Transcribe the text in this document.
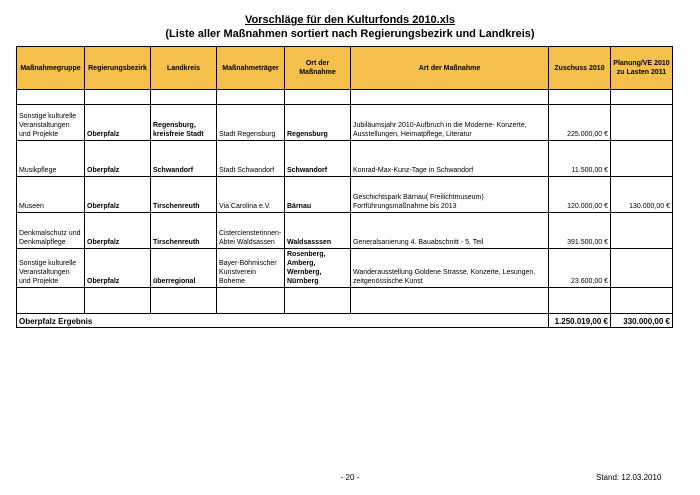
Vorschläge für den Kulturfonds 2010.xls
(Liste aller Maßnahmen sortiert nach Regierungsbezirk und Landkreis)
Maßnahmegruppe	Regierungsbezirk	Landkreis	Maßnahmeträger	Ort der Maßnahme	Art der Maßnahme	Zuschuss 2010	Planung/VE 2010 zu Lasten 2011

Sonstige kulturelle Veranstaltungen und Projekte	Oberpfalz	Regensburg, kreisfreie Stadt	Stadt Regensburg	Regensburg	Jubiläumsjahr 2010-Aufbruch in die Moderne- Konzerte, Ausstellungen, Heimatpflege, Literatur	225.000,00 €	
Musikpflege	Oberpfalz	Schwandorf	Stadt Schwandorf	Schwandorf	Konrad-Max-Kunz-Tage in Schwandorf	11.500,00 €	
Museen	Oberpfalz	Tirschenreuth	Via Carolina e.V.	Bärnau	Geschichtspark Bärnau( Freilichtmuseum) Fortführungsmaßnahme bis 2013	120.000,00 €	130.000,00 €
Denkmalschutz und Denkmalpflege	Oberpfalz	Tirschenreuth	Cisterciensterinnen-Abtei Waldsassen	Waldsasssen	Generalsanierung 4. Bauabschnitt - 5. Teil	391.500,00 €	
Sonstige kulturelle Veranstaltungen und Projekte	Oberpfalz	überregional	Bayer-Böhmischer Kunstverein Boheme	Rosenberg, Amberg, Wernberg, Nürnberg	Wanderausstellung Goldene Strasse, Konzerte, Lesungen, zeitgenössische Kunst	23.600,00 €	

Oberpfalz Ergebnis						1.250.019,00 €	330.000,00 €
- 20 -	Stand: 12.03.2010
